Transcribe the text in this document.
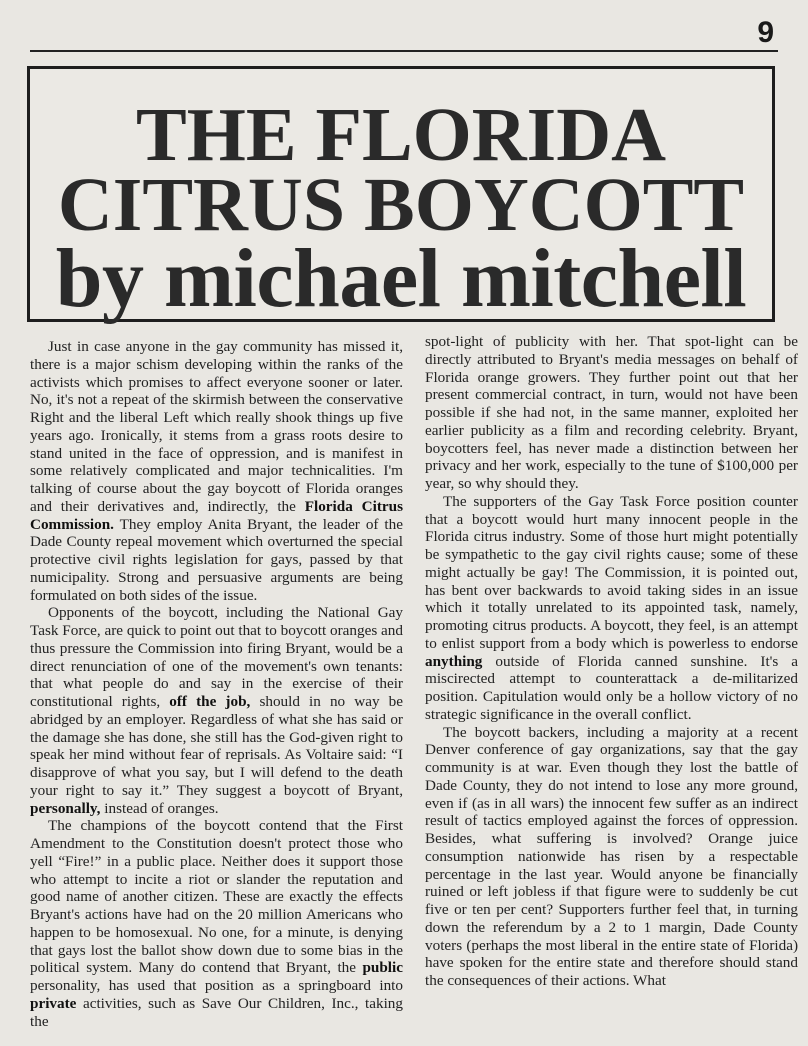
9
THE FLORIDA
CITRUS BOYCOTT
by michael mitchell

Just in case anyone in the gay community has missed it, there is a major schism developing within the ranks of the activists which promises to affect everyone sooner or later. No, it's not a repeat of the skirmish between the conservative Right and the liberal Left which really shook things up five years ago. Ironically, it stems from a grass roots desire to stand united in the face of oppression, and is manifest in some relatively complicated and major technicalities. I'm talking of course about the gay boycott of Florida oranges and their derivatives and, indirectly, the Florida Citrus Commission. They employ Anita Bryant, the leader of the Dade County repeal movement which overturned the special protective civil rights legislation for gays, passed by that numicipality. Strong and persuasive arguments are being formulated on both sides of the issue.

Opponents of the boycott, including the National Gay Task Force, are quick to point out that to boycott oranges and thus pressure the Commission into firing Bryant, would be a direct renunciation of one of the movement's own tenants: that what people do and say in the exercise of their constitutional rights, off the job, should in no way be abridged by an employer. Regardless of what she has said or the damage she has done, she still has the God-given right to speak her mind without fear of reprisals. As Voltaire said: “I disapprove of what you say, but I will defend to the death your right to say it.” They suggest a boycott of Bryant, personally, instead of oranges.

The champions of the boycott contend that the First Amendment to the Constitution doesn't protect those who yell “Fire!” in a public place. Neither does it support those who attempt to incite a riot or slander the reputation and good name of another citizen. These are exactly the effects Bryant's actions have had on the 20 million Americans who happen to be homosexual. No one, for a minute, is denying that gays lost the ballot show down due to some bias in the political system. Many do contend that Bryant, the public personality, has used that position as a springboard into private activities, such as Save Our Children, Inc., taking the

spot-light of publicity with her. That spot-light can be directly attributed to Bryant's media messages on behalf of Florida orange growers. They further point out that her present commercial contract, in turn, would not have been possible if she had not, in the same manner, exploited her earlier publicity as a film and recording celebrity. Bryant, boycotters feel, has never made a distinction between her privacy and her work, especially to the tune of $100,000 per year, so why should they.

The supporters of the Gay Task Force position counter that a boycott would hurt many innocent people in the Florida citrus industry. Some of those hurt might potentially be sympathetic to the gay civil rights cause; some of these might actually be gay! The Commission, it is pointed out, has bent over backwards to avoid taking sides in an issue which it totally unrelated to its appointed task, namely, promoting citrus products. A boycott, they feel, is an attempt to enlist support from a body which is powerless to endorse anything outside of Florida canned sunshine. It's a miscirected attempt to counterattack a de-militarized position. Capitulation would only be a hollow victory of no strategic significance in the overall conflict.

The boycott backers, including a majority at a recent Denver conference of gay organizations, say that the gay community is at war. Even though they lost the battle of Dade County, they do not intend to lose any more ground, even if (as in all wars) the innocent few suffer as an indirect result of tactics employed against the forces of oppression. Besides, what suffering is involved? Orange juice consumption nationwide has risen by a respectable percentage in the last year. Would anyone be financially ruined or left jobless if that figure were to suddenly be cut five or ten per cent? Supporters further feel that, in turning down the referendum by a 2 to 1 margin, Dade County voters (perhaps the most liberal in the entire state of Florida) have spoken for the entire state and therefore should stand the consequences of their actions. What
